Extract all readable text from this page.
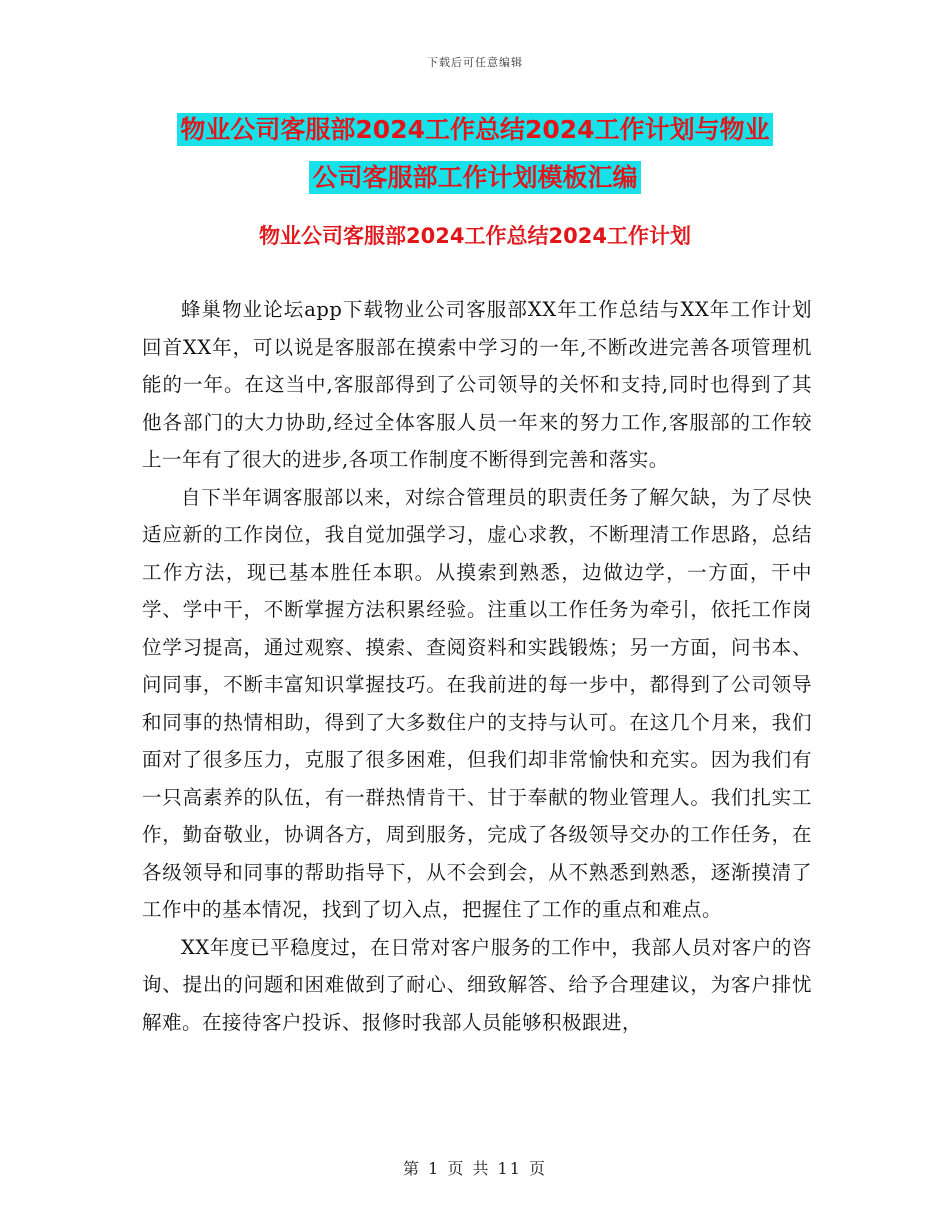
下载后可任意编辑
物业公司客服部2024工作总结2024工作计划与物业
公司客服部工作计划模板汇编
物业公司客服部2024工作总结2024工作计划

蜂巢物业论坛app下载物业公司客服部XX年工作总结与XX年工作计划回首XX年，可以说是客服部在摸索中学习的一年,不断改进完善各项管理机能的一年。在这当中,客服部得到了公司领导的关怀和支持,同时也得到了其他各部门的大力协助,经过全体客服人员一年来的努力工作,客服部的工作较上一年有了很大的进步,各项工作制度不断得到完善和落实。

自下半年调客服部以来，对综合管理员的职责任务了解欠缺，为了尽快适应新的工作岗位，我自觉加强学习，虚心求教，不断理清工作思路，总结工作方法，现已基本胜任本职。从摸索到熟悉，边做边学，一方面，干中学、学中干，不断掌握方法积累经验。注重以工作任务为牵引，依托工作岗位学习提高，通过观察、摸索、查阅资料和实践锻炼；另一方面，问书本、问同事，不断丰富知识掌握技巧。在我前进的每一步中，都得到了公司领导和同事的热情相助，得到了大多数住户的支持与认可。在这几个月来，我们面对了很多压力，克服了很多困难，但我们却非常愉快和充实。因为我们有一只高素养的队伍，有一群热情肯干、甘于奉献的物业管理人。我们扎实工作，勤奋敬业，协调各方，周到服务，完成了各级领导交办的工作任务，在各级领导和同事的帮助指导下，从不会到会，从不熟悉到熟悉，逐渐摸清了工作中的基本情况，找到了切入点，把握住了工作的重点和难点。

XX年度已平稳度过，在日常对客户服务的工作中，我部人员对客户的咨询、提出的问题和困难做到了耐心、细致解答、给予合理建议，为客户排忧解难。在接待客户投诉、报修时我部人员能够积极跟进，

第 1 页 共 11 页
